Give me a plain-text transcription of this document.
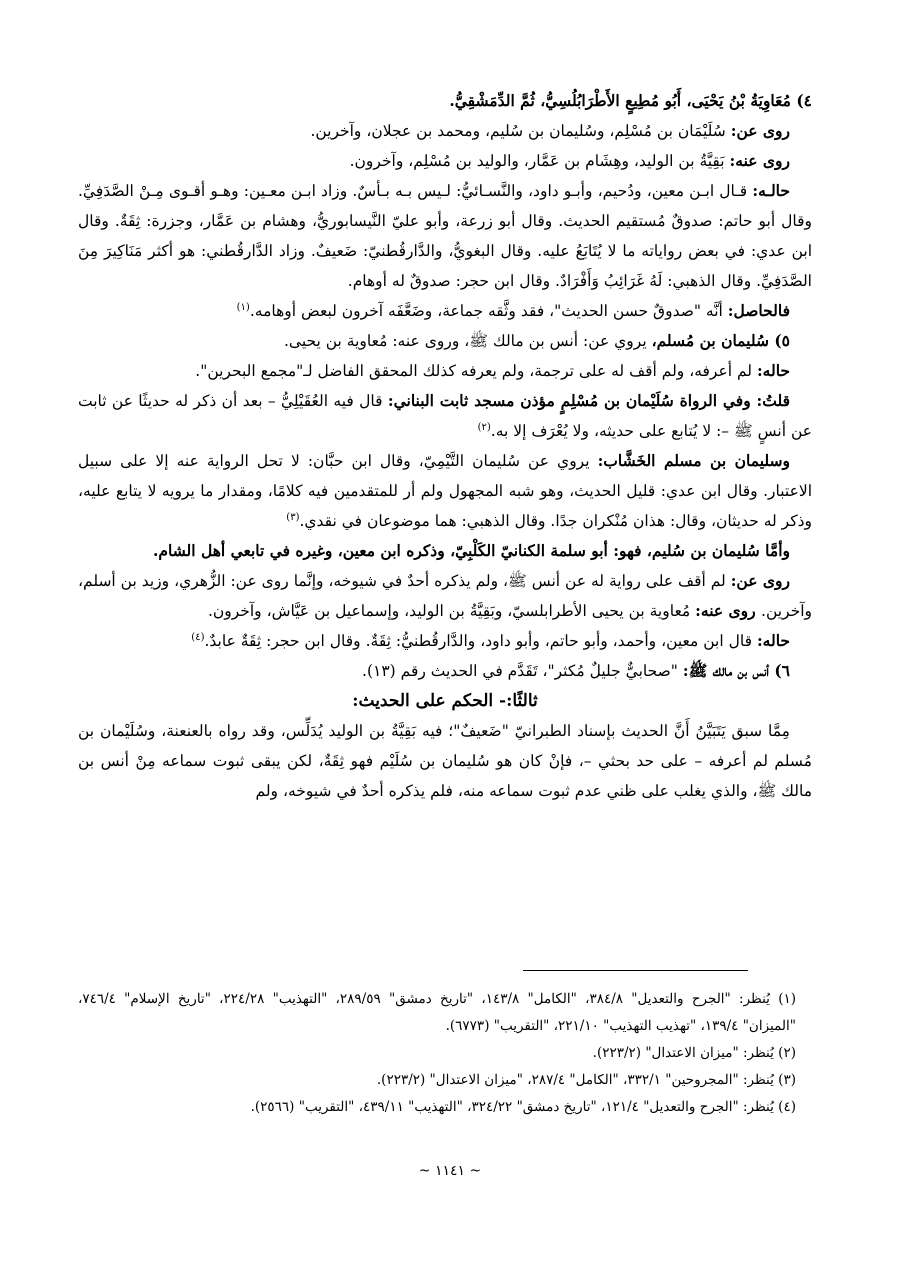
٤) مُعَاوِيَةُ بْنُ يَحْيَى، أَبُو مُطِيعٍ الأَطْرَابُلُسِيُّ، ثُمَّ الدِّمَشْقِيُّ.

روى عن: سُلَيْمَان بن مُسْلِم، وسُليمان بن سُليم، ومحمد بن عجلان، وآخرين.

روى عنه: بَقِيَّةُ بن الوليد، وهِشَام بن عَمَّار، والوليد بن مُسْلِم، وآخرون.

حالـه: قـال ابـن معين، ودُحيم، وأبـو داود، والنَّسـائيُّ: لـيس بـه بـأسٌ. وزاد ابـن معـين: وهـو أقـوى مِـنْ الصَّدَفِيِّ. وقال أبو حاتم: صدوقٌ مُستقيم الحديث. وقال أبو زرعة، وأبو عليّ النَّيسابوريُّ، وهشام بن عَمَّار، وجزرة: ثِقَةٌ. وقال ابن عدي: في بعض رواياته ما لا يُتَابَعُ عليه. وقال البغويُّ، والدَّارقُطنيّ: ضَعيفٌ. وزاد الدَّارقُطني: هو أكثر مَنَاكِيرَ مِنَ الصَّدَفِيِّ. وقال الذهبي: لَهُ غَرَائِبُ وَأَفْرَادٌ. وقال ابن حجر: صدوقٌ له أوهام.

فالحاصل: أنَّه "صدوقٌ حسن الحديث"، فقد وثَّقه جماعة، وضَعَّفَه آخرون لبعض أوهامه.$^{(١)}$

٥) سُليمان بن مُسلم، يروي عن: أنس بن مالك ﷺ، وروى عنه: مُعاوية بن يحيى.

حاله: لم أعرفه، ولم أقف له على ترجمة، ولم يعرفه كذلك المحقق الفاضل لـ"مجمع البحرين".

قلتُ: وفي الرواة سُلَيْمان بن مُسْلِمٍ مؤذن مسجد ثابت البناني: قال فيه العُقَيْلِيُّ – بعد أن ذكر له حديثًا عن ثابت عن أنسٍ ﷺ –: لا يُتابع على حديثه، ولا يُعْرَف إلا به.$^{(٢)}$

وسليمان بن مسلم الخَشَّاب: يروي عن سُليمان التَّيْمِيّ، وقال ابن حبَّان: لا تحل الرواية عنه إلا على سبيل الاعتبار. وقال ابن عدي: قليل الحديث، وهو شبه المجهول ولم أر للمتقدمين فيه كلامًا، ومقدار ما يرويه لا يتابع عليه، وذكر له حديثان، وقال: هذان مُنْكران جدًا. وقال الذهبي: هما موضوعان في نقدي.$^{(٣)}$

وأمَّا سُليمان بن سُليم، فهو: أبو سلمة الكنانيّ الكَلْبِيّ، وذكره ابن معين، وغيره في تابعي أهل الشام.

روى عن: لم أقف على رواية له عن أنس ﷺ، ولم يذكره أحدٌ في شيوخه، وإنَّما روى عن: الزُّهري، وزيد بن أسلم، وآخرين. روى عنه: مُعاوية بن يحيى الأطرابلسيّ، وبَقِيَّةُ بن الوليد، وإسماعيل بن عَيَّاش، وآخرون.

حاله: قال ابن معين، وأحمد، وأبو حاتم، وأبو داود، والدَّارقُطنيُّ: ثِقَةٌ. وقال ابن حجر: ثِقَةٌ عابدٌ.$^{(٤)}$

٦) أنس بن مالك ﷺ: "صحابيٌّ جليلٌ مُكثر"، تَقَدَّم في الحديث رقم (١٣).

ثالثًا:- الحكم على الحديث:

مِمَّا سبق يَتَبَيَّنُ أَنَّ الحديث بإسناد الطبرانيّ "ضَعيفٌ"؛ فيه بَقِيَّةُ بن الوليد يُدَلِّس، وقد رواه بالعنعنة، وسُلَيْمان بن مُسلم لم أعرفه – على حد بحثي –، فإنْ كان هو سُليمان بن سُلَيْم فهو ثِقَةٌ، لكن يبقى ثبوت سماعه مِنْ أنس بن مالك ﷺ، والذي يغلب على ظني عدم ثبوت سماعه منه، فلم يذكره أحدٌ في شيوخه، ولم

(١) يُنظر: "الجرح والتعديل" ٣٨٤/٨، "الكامل" ١٤٣/٨، "تاريخ دمشق" ٢٨٩/٥٩، "التهذيب" ٢٢٤/٢٨، "تاريخ الإسلام" ٧٤٦/٤، "الميزان" ١٣٩/٤، "تهذيب التهذيب" ٢٢١/١٠، "التقريب" (٦٧٧٣).

(٢) يُنظر: "ميزان الاعتدال" (٢٢٣/٢).

(٣) يُنظر: "المجروحين" ٣٣٢/١، "الكامل" ٢٨٧/٤، "ميزان الاعتدال" (٢٢٣/٢).

(٤) يُنظر: "الجرح والتعديل" ١٢١/٤، "تاريخ دمشق" ٣٢٤/٢٢، "التهذيب" ٤٣٩/١١، "التقريب" (٢٥٦٦).

~ ١١٤١ ~
